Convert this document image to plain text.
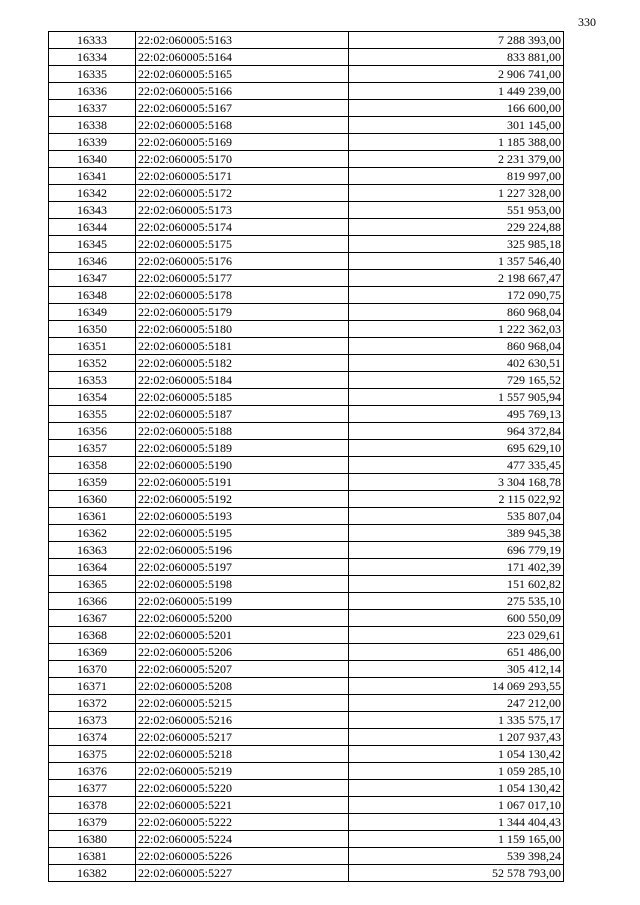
330
16333	22:02:060005:5163	7 288 393,00
16334	22:02:060005:5164	833 881,00
16335	22:02:060005:5165	2 906 741,00
16336	22:02:060005:5166	1 449 239,00
16337	22:02:060005:5167	166 600,00
16338	22:02:060005:5168	301 145,00
16339	22:02:060005:5169	1 185 388,00
16340	22:02:060005:5170	2 231 379,00
16341	22:02:060005:5171	819 997,00
16342	22:02:060005:5172	1 227 328,00
16343	22:02:060005:5173	551 953,00
16344	22:02:060005:5174	229 224,88
16345	22:02:060005:5175	325 985,18
16346	22:02:060005:5176	1 357 546,40
16347	22:02:060005:5177	2 198 667,47
16348	22:02:060005:5178	172 090,75
16349	22:02:060005:5179	860 968,04
16350	22:02:060005:5180	1 222 362,03
16351	22:02:060005:5181	860 968,04
16352	22:02:060005:5182	402 630,51
16353	22:02:060005:5184	729 165,52
16354	22:02:060005:5185	1 557 905,94
16355	22:02:060005:5187	495 769,13
16356	22:02:060005:5188	964 372,84
16357	22:02:060005:5189	695 629,10
16358	22:02:060005:5190	477 335,45
16359	22:02:060005:5191	3 304 168,78
16360	22:02:060005:5192	2 115 022,92
16361	22:02:060005:5193	535 807,04
16362	22:02:060005:5195	389 945,38
16363	22:02:060005:5196	696 779,19
16364	22:02:060005:5197	171 402,39
16365	22:02:060005:5198	151 602,82
16366	22:02:060005:5199	275 535,10
16367	22:02:060005:5200	600 550,09
16368	22:02:060005:5201	223 029,61
16369	22:02:060005:5206	651 486,00
16370	22:02:060005:5207	305 412,14
16371	22:02:060005:5208	14 069 293,55
16372	22:02:060005:5215	247 212,00
16373	22:02:060005:5216	1 335 575,17
16374	22:02:060005:5217	1 207 937,43
16375	22:02:060005:5218	1 054 130,42
16376	22:02:060005:5219	1 059 285,10
16377	22:02:060005:5220	1 054 130,42
16378	22:02:060005:5221	1 067 017,10
16379	22:02:060005:5222	1 344 404,43
16380	22:02:060005:5224	1 159 165,00
16381	22:02:060005:5226	539 398,24
16382	22:02:060005:5227	52 578 793,00
